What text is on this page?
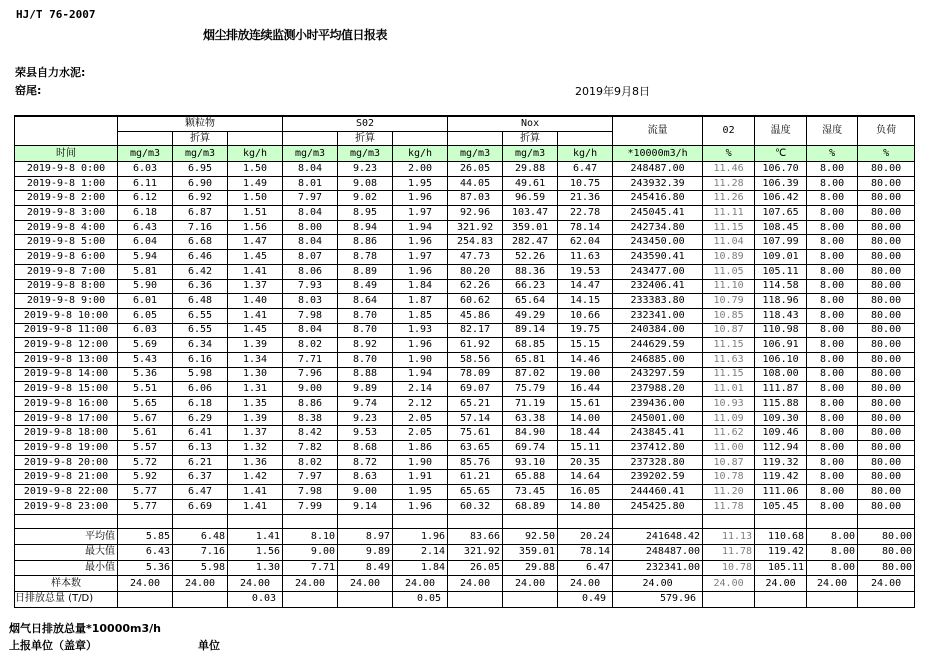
HJ/T 76-2007
烟尘排放连续监测小时平均值日报表
荣县自力水泥:
窑尾:	2019年9月8日
	颗粒物			S02			Nox			流量	02	温度	湿度	负荷
		折算			折算			折算						
时间	mg/m3	mg/m3	kg/h	mg/m3	mg/m3	kg/h	mg/m3	mg/m3	kg/h	*10000m3/h	%	℃	%	%
2019-9-8 0:00	6.03	6.95	1.50	8.04	9.23	2.00	26.05	29.88	6.47	248487.00	11.46	106.70	8.00	80.00
2019-9-8 1:00	6.11	6.90	1.49	8.01	9.08	1.95	44.05	49.61	10.75	243932.39	11.28	106.39	8.00	80.00
2019-9-8 2:00	6.12	6.92	1.50	7.97	9.02	1.96	87.03	96.59	21.36	245416.80	11.26	106.42	8.00	80.00
2019-9-8 3:00	6.18	6.87	1.51	8.04	8.95	1.97	92.96	103.47	22.78	245045.41	11.11	107.65	8.00	80.00
2019-9-8 4:00	6.43	7.16	1.56	8.00	8.94	1.94	321.92	359.01	78.14	242734.80	11.15	108.45	8.00	80.00
2019-9-8 5:00	6.04	6.68	1.47	8.04	8.86	1.96	254.83	282.47	62.04	243450.00	11.04	107.99	8.00	80.00
2019-9-8 6:00	5.94	6.46	1.45	8.07	8.78	1.97	47.73	52.26	11.63	243590.41	10.89	109.01	8.00	80.00
2019-9-8 7:00	5.81	6.42	1.41	8.06	8.89	1.96	80.20	88.36	19.53	243477.00	11.05	105.11	8.00	80.00
2019-9-8 8:00	5.90	6.36	1.37	7.93	8.49	1.84	62.26	66.23	14.47	232406.41	11.10	114.58	8.00	80.00
2019-9-8 9:00	6.01	6.48	1.40	8.03	8.64	1.87	60.62	65.64	14.15	233383.80	10.79	118.96	8.00	80.00
2019-9-8 10:00	6.05	6.55	1.41	7.98	8.70	1.85	45.86	49.29	10.66	232341.00	10.85	118.43	8.00	80.00
2019-9-8 11:00	6.03	6.55	1.45	8.04	8.70	1.93	82.17	89.14	19.75	240384.00	10.87	110.98	8.00	80.00
2019-9-8 12:00	5.69	6.34	1.39	8.02	8.92	1.96	61.92	68.85	15.15	244629.59	11.15	106.91	8.00	80.00
2019-9-8 13:00	5.43	6.16	1.34	7.71	8.70	1.90	58.56	65.81	14.46	246885.00	11.63	106.10	8.00	80.00
2019-9-8 14:00	5.36	5.98	1.30	7.96	8.88	1.94	78.09	87.02	19.00	243297.59	11.15	108.00	8.00	80.00
2019-9-8 15:00	5.51	6.06	1.31	9.00	9.89	2.14	69.07	75.79	16.44	237988.20	11.01	111.87	8.00	80.00
2019-9-8 16:00	5.65	6.18	1.35	8.86	9.74	2.12	65.21	71.19	15.61	239436.00	10.93	115.88	8.00	80.00
2019-9-8 17:00	5.67	6.29	1.39	8.38	9.23	2.05	57.14	63.38	14.00	245001.00	11.09	109.30	8.00	80.00
2019-9-8 18:00	5.61	6.41	1.37	8.42	9.53	2.05	75.61	84.90	18.44	243845.41	11.62	109.46	8.00	80.00
2019-9-8 19:00	5.57	6.13	1.32	7.82	8.68	1.86	63.65	69.74	15.11	237412.80	11.00	112.94	8.00	80.00
2019-9-8 20:00	5.72	6.21	1.36	8.02	8.72	1.90	85.76	93.10	20.35	237328.80	10.87	119.32	8.00	80.00
2019-9-8 21:00	5.92	6.37	1.42	7.97	8.63	1.91	61.21	65.88	14.64	239202.59	10.78	119.42	8.00	80.00
2019-9-8 22:00	5.77	6.47	1.41	7.98	9.00	1.95	65.65	73.45	16.05	244460.41	11.20	111.06	8.00	80.00
2019-9-8 23:00	5.77	6.69	1.41	7.99	9.14	1.96	60.32	68.89	14.80	245425.80	11.78	105.45	8.00	80.00

平均值	5.85	6.48	1.41	8.10	8.97	1.96	83.66	92.50	20.24	241648.42	11.13	110.68	8.00	80.00
最大值	6.43	7.16	1.56	9.00	9.89	2.14	321.92	359.01	78.14	248487.00	11.78	119.42	8.00	80.00
最小值	5.36	5.98	1.30	7.71	8.49	1.84	26.05	29.88	6.47	232341.00	10.78	105.11	8.00	80.00
样本数	24.00	24.00	24.00	24.00	24.00	24.00	24.00	24.00	24.00	24.00	24.00	24.00	24.00	24.00
日排放总量 (T/D)			0.03			0.05			0.49	579.96				
烟气日排放总量*10000m3/h
上报单位（盖章）	单位
